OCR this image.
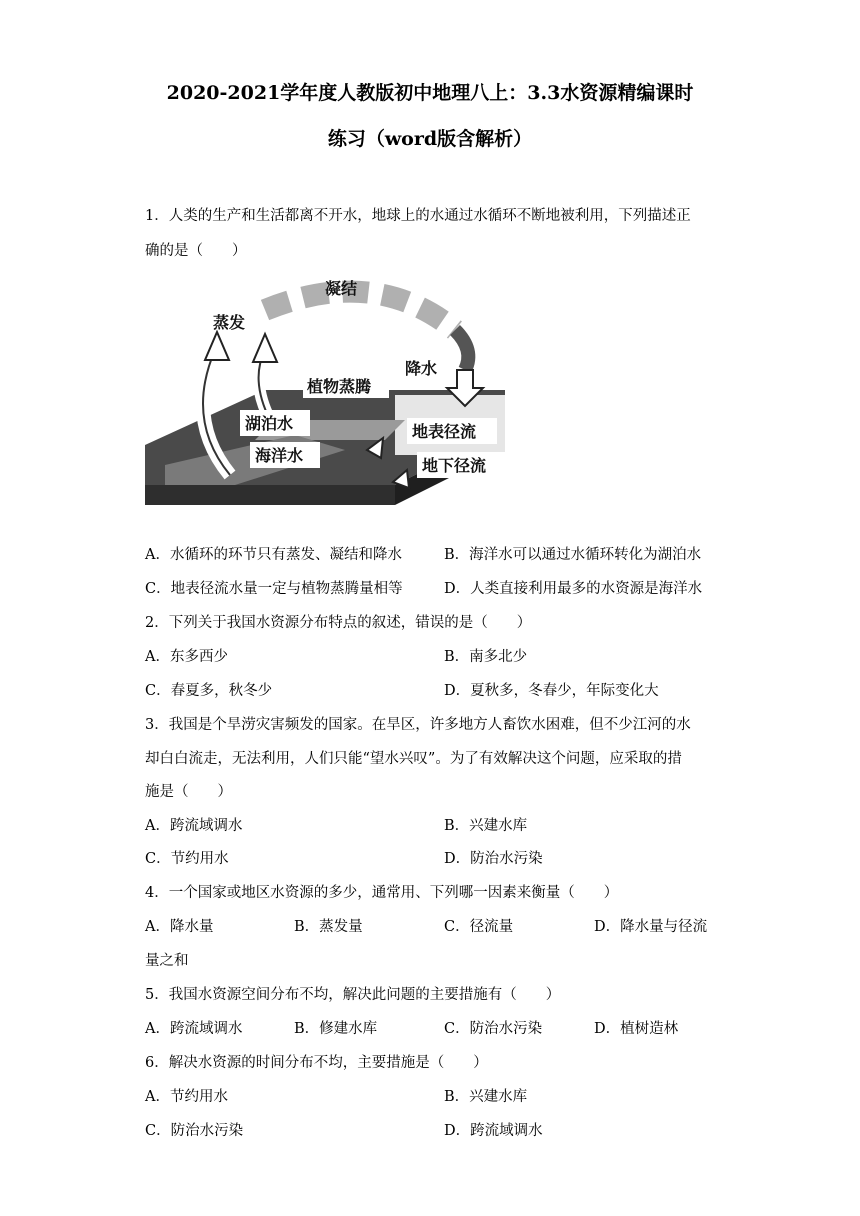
2020-2021学年度人教版初中地理八上：3.3水资源精编课时
练习（word版含解析）
1．人类的生产和生活都离不开水，地球上的水通过水循环不断地被利用，下列描述正
确的是（　　）
凝结
蒸发
降水
植物蒸腾
湖泊水
海洋水
地表径流
地下径流
A．水循环的环节只有蒸发、凝结和降水	B．海洋水可以通过水循环转化为湖泊水
C．地表径流水量一定与植物蒸腾量相等	D．人类直接利用最多的水资源是海洋水
2．下列关于我国水资源分布特点的叙述，错误的是（　　）
A．东多西少	B．南多北少
C．春夏多，秋冬少	D．夏秋多，冬春少，年际变化大
3．我国是个旱涝灾害频发的国家。在旱区，许多地方人畜饮水困难，但不少江河的水
却白白流走，无法利用，人们只能“望水兴叹”。为了有效解决这个问题，应采取的措
施是（　　）
A．跨流域调水	B．兴建水库
C．节约用水	D．防治水污染
4．一个国家或地区水资源的多少，通常用、下列哪一因素来衡量（　　）
A．降水量	B．蒸发量	C．径流量	D．降水量与径流
量之和
5．我国水资源空间分布不均，解决此问题的主要措施有（　　）
A．跨流域调水	B．修建水库	C．防治水污染	D．植树造林
6．解决水资源的时间分布不均，主要措施是（　　）
A．节约用水	B．兴建水库
C．防治水污染	D．跨流域调水
